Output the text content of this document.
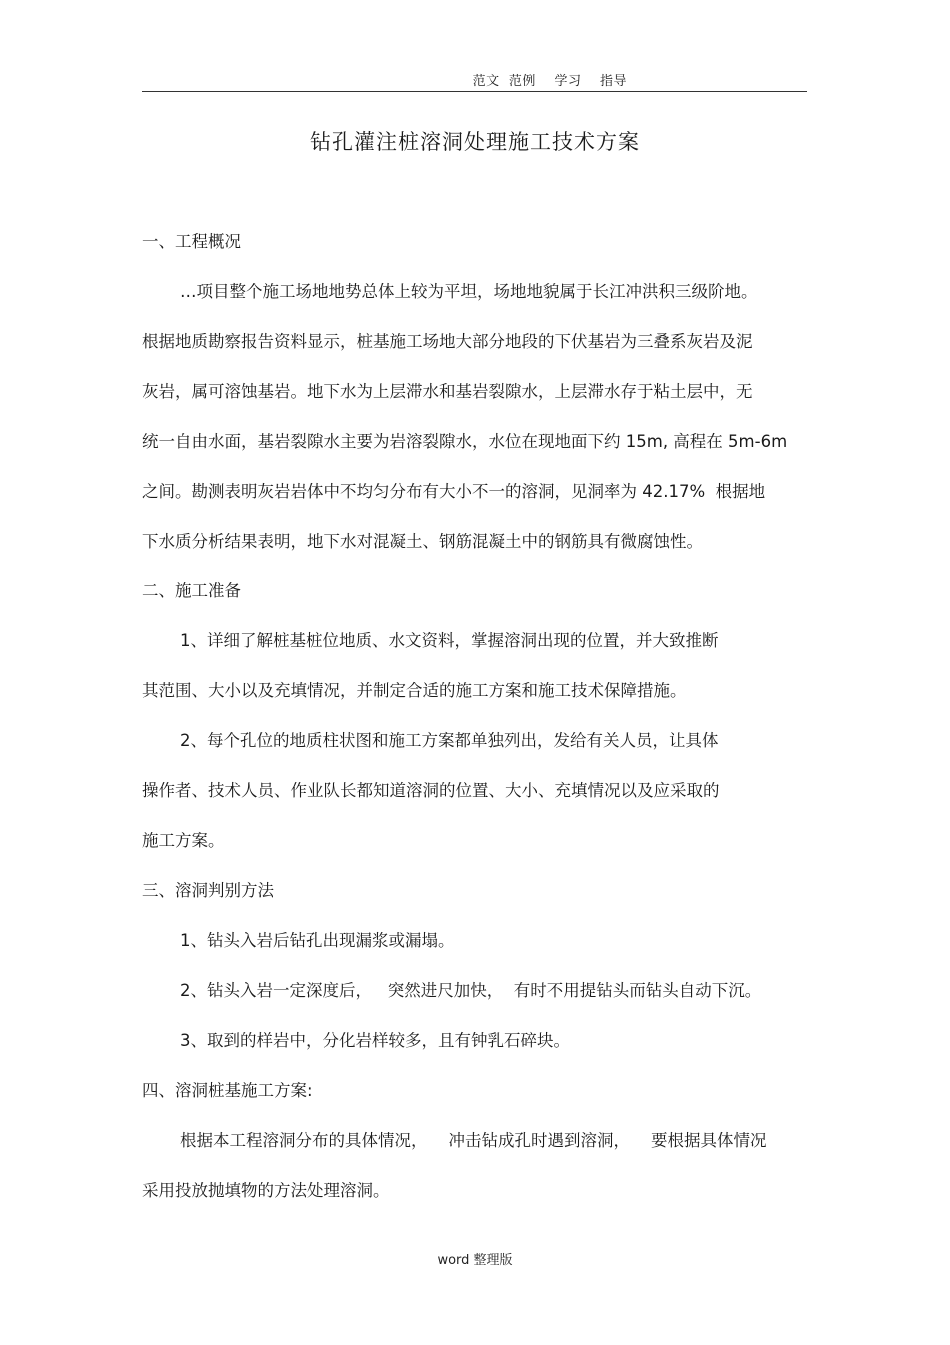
范文  范例    学习    指导
钻孔灌注桩溶洞处理施工技术方案
一、工程概况
…项目整个施工场地地势总体上较为平坦，场地地貌属于长江冲洪积三级阶地。
根据地质勘察报告资料显示，桩基施工场地大部分地段的下伏基岩为三叠系灰岩及泥
灰岩，属可溶蚀基岩。地下水为上层滞水和基岩裂隙水，上层滞水存于粘土层中，无
统一自由水面，基岩裂隙水主要为岩溶裂隙水，水位在现地面下约 15m, 高程在 5m-6m
之间。勘测表明灰岩岩体中不均匀分布有大小不一的溶洞，见洞率为 42.17%  根据地
下水质分析结果表明，地下水对混凝土、钢筋混凝土中的钢筋具有微腐蚀性。
二、施工准备
1、详细了解桩基桩位地质、水文资料，掌握溶洞出现的位置，并大致推断
其范围、大小以及充填情况，并制定合适的施工方案和施工技术保障措施。
2、每个孔位的地质柱状图和施工方案都单独列出，发给有关人员，让具体
操作者、技术人员、作业队长都知道溶洞的位置、大小、充填情况以及应采取的
施工方案。
三、溶洞判别方法
1、钻头入岩后钻孔出现漏浆或漏塌。
2、钻头入岩一定深度后，   突然进尺加快，  有时不用提钻头而钻头自动下沉。
3、取到的样岩中，分化岩样较多，且有钟乳石碎块。
四、溶洞桩基施工方案:
根据本工程溶洞分布的具体情况，    冲击钻成孔时遇到溶洞，    要根据具体情况
采用投放抛填物的方法处理溶洞。
word 整理版
